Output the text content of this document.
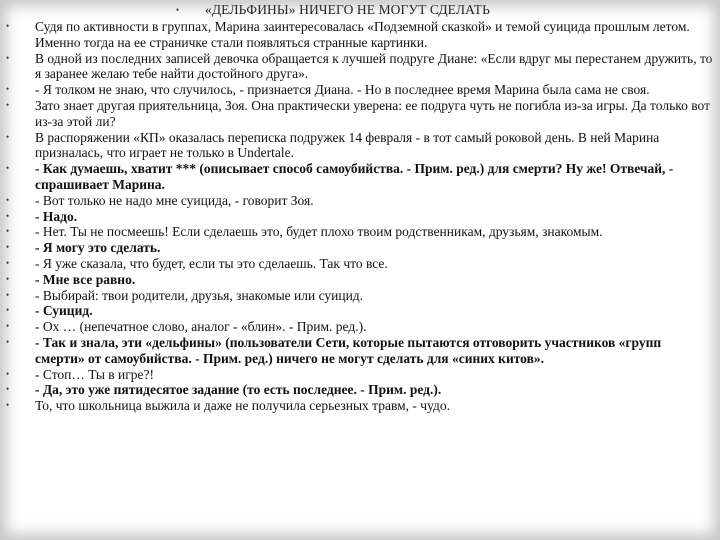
• «ДЕЛЬФИНЫ» НИЧЕГО НЕ МОГУТ СДЕЛАТЬ
• Судя по активности в группах, Марина заинтересовалась «Подземной сказкой» и темой суицида прошлым летом. Именно тогда на ее страничке стали появляться странные картинки.
• В одной из последних записей девочка обращается к лучшей подруге Диане: «Если вдруг мы перестанем дружить, то я заранее желаю тебе найти достойного друга».
• - Я толком не знаю, что случилось, - признается Диана. - Но в последнее время Марина была сама не своя.
• Зато знает другая приятельница, Зоя. Она практически уверена: ее подруга чуть не погибла из-за игры. Да только вот из-за этой ли?
• В распоряжении «КП» оказалась переписка подружек 14 февраля - в тот самый роковой день. В ней Марина призналась, что играет не только в Undertale.
• - Как думаешь, хватит *** (описывает способ самоубийства. - Прим. ред.) для смерти? Ну же! Отвечай, - спрашивает Марина.
• - Вот только не надо мне суицида, - говорит Зоя.
• - Надо.
• - Нет. Ты не посмеешь! Если сделаешь это, будет плохо твоим родственникам, друзьям, знакомым.
• - Я могу это сделать.
• - Я уже сказала, что будет, если ты это сделаешь. Так что все.
• - Мне все равно.
• - Выбирай: твои родители, друзья, знакомые или суицид.
• - Суицид.
• - Ох … (непечатное слово, аналог - «блин». - Прим. ред.).
• - Так и знала, эти «дельфины» (пользователи Сети, которые пытаются отговорить участников «групп смерти» от самоубийства. - Прим. ред.) ничего не могут сделать для «синих китов».
• - Стоп… Ты в игре?!
• - Да, это уже пятидесятое задание (то есть последнее. - Прим. ред.).
• То, что школьница выжила и даже не получила серьезных травм, - чудо.
